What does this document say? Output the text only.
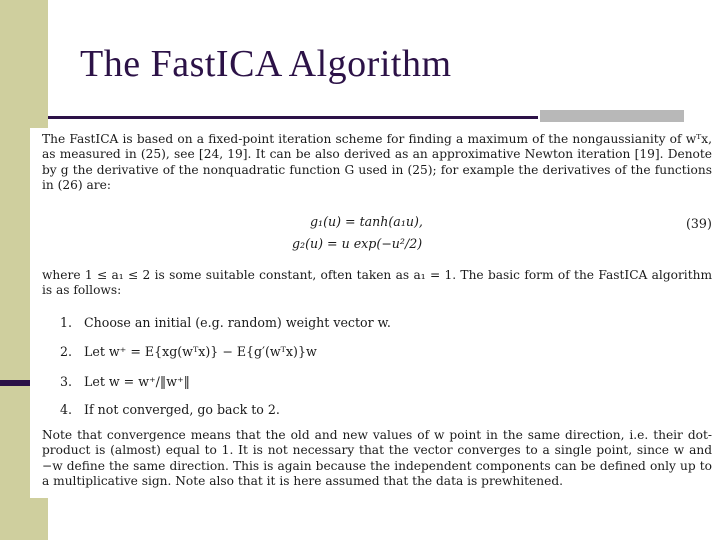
The FastICA Algorithm
The FastICA is based on a fixed-point iteration scheme for finding a maximum of the nongaussianity of wᵀx, as measured in (25), see [24, 19]. It can be also derived as an approximative Newton iteration [19]. Denote by g the derivative of the nonquadratic function G used in (25); for example the derivatives of the functions in (26) are:
g₁(u) = tanh(a₁u),
g₂(u) = u exp(−u²/2)
(39)
where 1 ≤ a₁ ≤ 2 is some suitable constant, often taken as a₁ = 1. The basic form of the FastICA algorithm is as follows:
1. Choose an initial (e.g. random) weight vector w.
2. Let w⁺ = E{xg(wᵀx)} − E{g′(wᵀx)}w
3. Let w = w⁺/‖w⁺‖
4. If not converged, go back to 2.
Note that convergence means that the old and new values of w point in the same direction, i.e. their dot-product is (almost) equal to 1. It is not necessary that the vector converges to a single point, since w and −w define the same direction. This is again because the independent components can be defined only up to a multiplicative sign. Note also that it is here assumed that the data is prewhitened.
